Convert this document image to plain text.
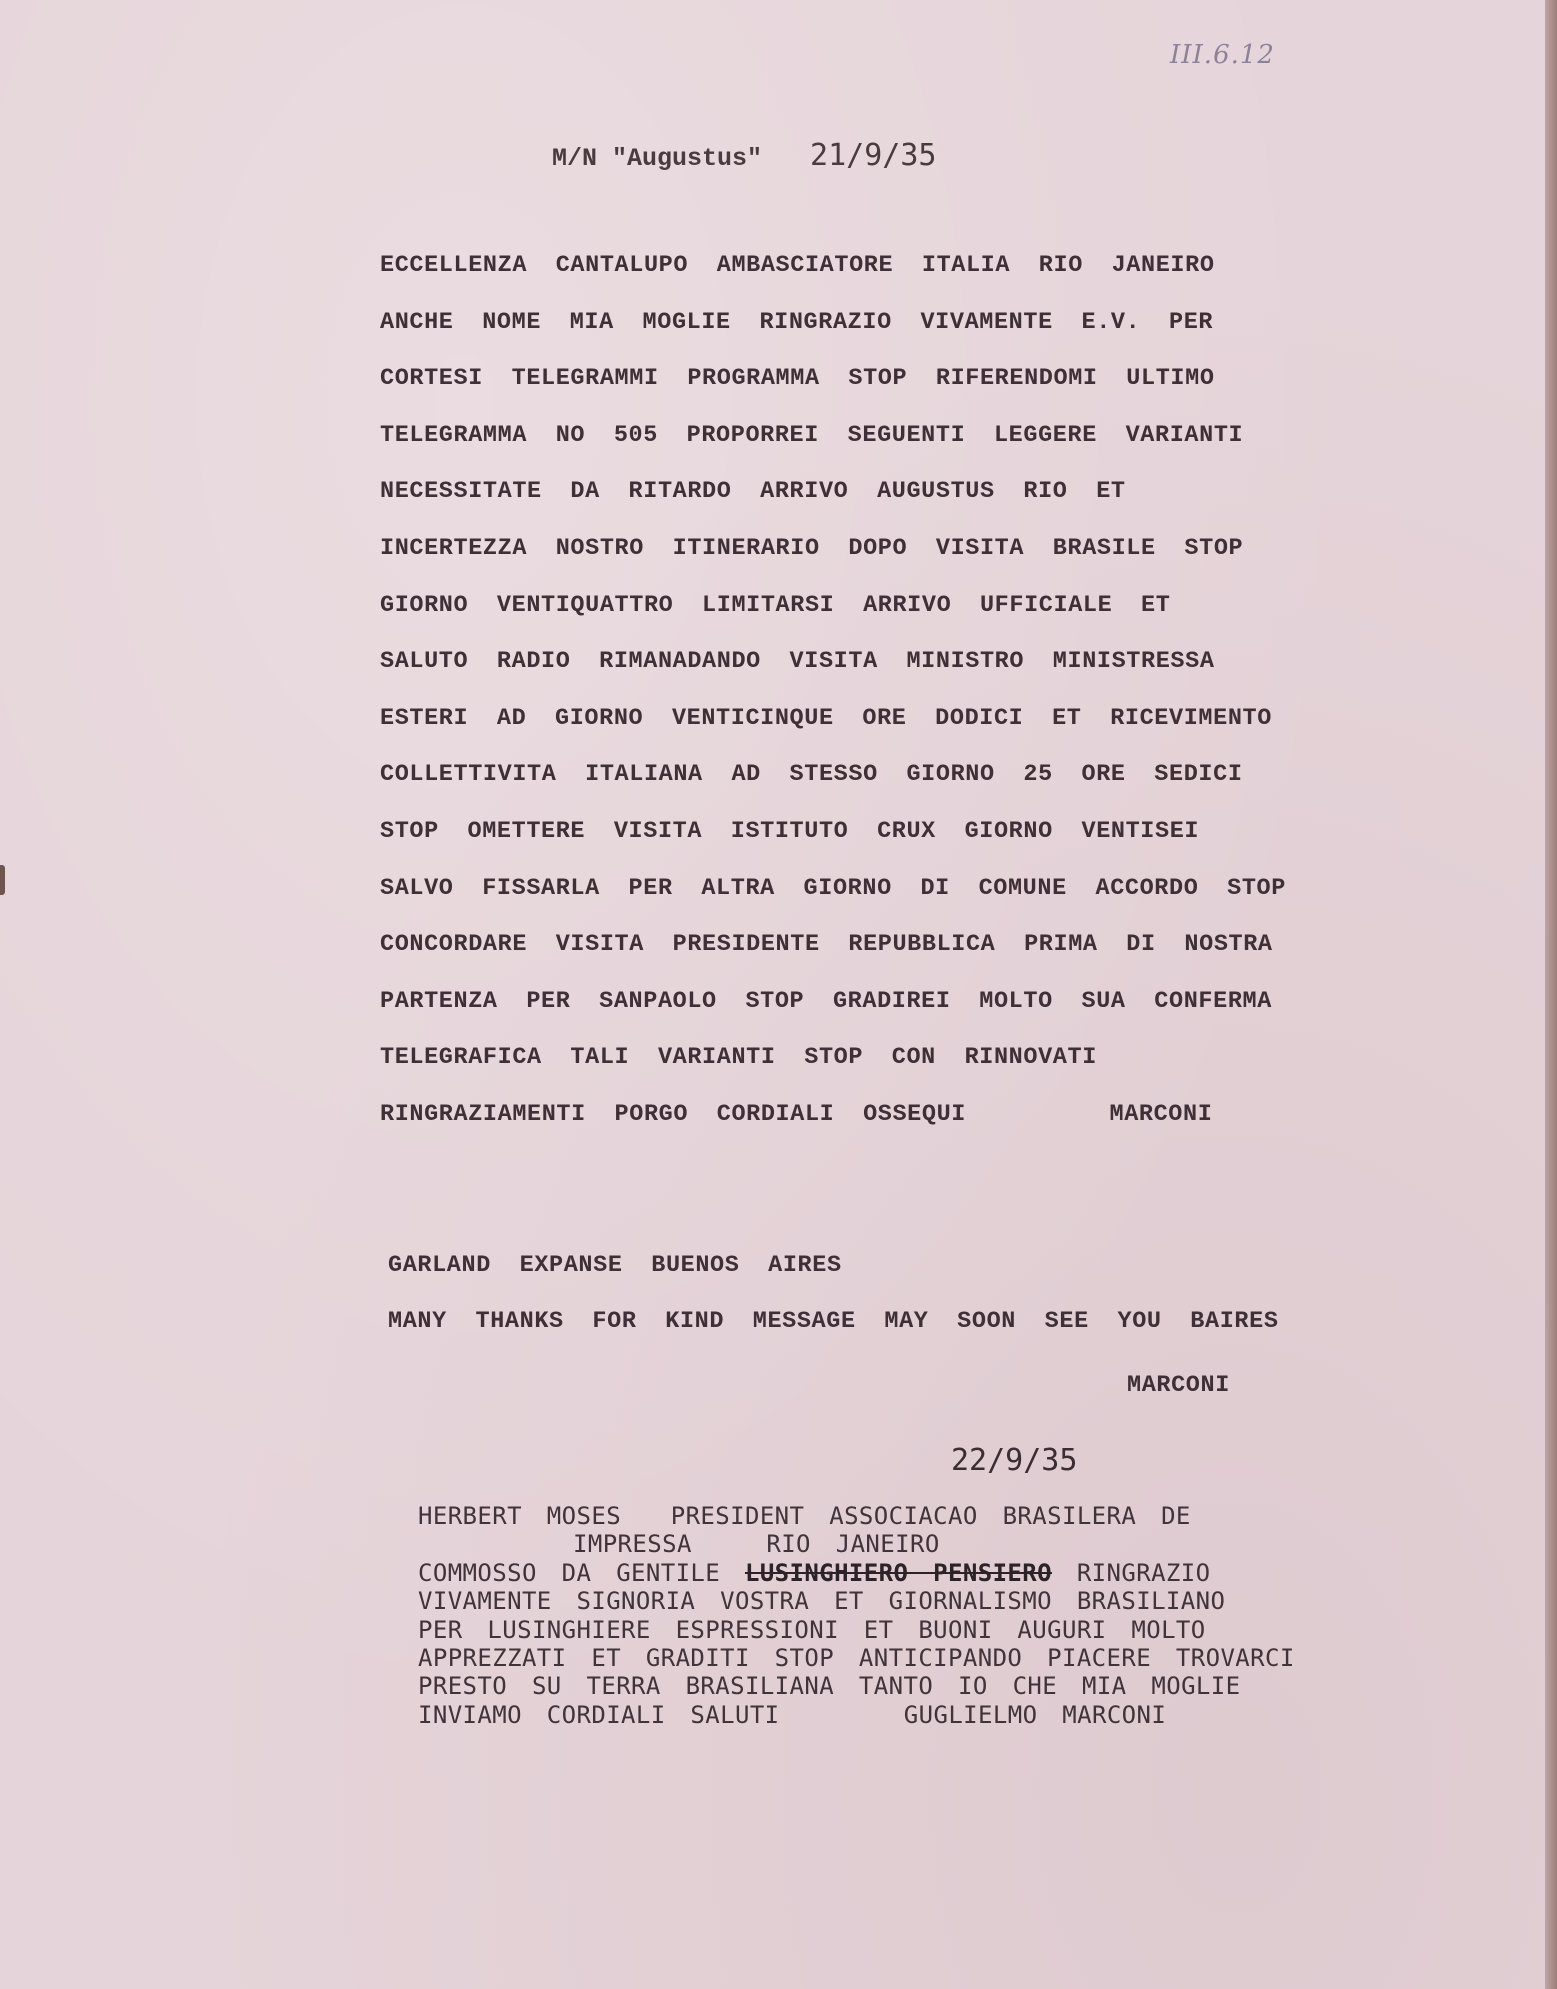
III.6.12
M/N "Augustus" 21/9/35
ECCELLENZA CANTALUPO AMBASCIATORE ITALIA RIO JANEIRO
ANCHE NOME MIA MOGLIE RINGRAZIO VIVAMENTE E.V. PER
CORTESI TELEGRAMMI PROGRAMMA STOP RIFERENDOMI ULTIMO
TELEGRAMMA NO 505 PROPORREI SEGUENTI LEGGERE VARIANTI
NECESSITATE DA RITARDO ARRIVO AUGUSTUS RIO ET
INCERTEZZA NOSTRO ITINERARIO DOPO VISITA BRASILE STOP
GIORNO VENTIQUATTRO LIMITARSI ARRIVO UFFICIALE ET
SALUTO RADIO RIMANADANDO VISITA MINISTRO MINISTRESSA
ESTERI AD GIORNO VENTICINQUE ORE DODICI ET RICEVIMENTO
COLLETTIVITA ITALIANA AD STESSO GIORNO 25 ORE SEDICI
STOP OMETTERE VISITA ISTITUTO CRUX GIORNO VENTISEI
SALVO FISSARLA PER ALTRA GIORNO DI COMUNE ACCORDO STOP
CONCORDARE VISITA PRESIDENTE REPUBBLICA PRIMA DI NOSTRA
PARTENZA PER SANPAOLO STOP GRADIREI MOLTO SUA CONFERMA
TELEGRAFICA TALI VARIANTI STOP CON RINNOVATI
RINGRAZIAMENTI PORGO CORDIALI OSSEQUI     MARCONI
GARLAND EXPANSE BUENOS AIRES
MANY THANKS FOR KIND MESSAGE MAY SOON SEE YOU BAIRES
MARCONI
22/9/35
HERBERT MOSES  PRESIDENT ASSOCIACAO BRASILERA DE
IMPRESSA   RIO JANEIRO
COMMOSSO DA GENTILE LUSINGHIERO PENSIERO RINGRAZIO
VIVAMENTE SIGNORIA VOSTRA ET GIORNALISMO BRASILIANO
PER LUSINGHIERE ESPRESSIONI ET BUONI AUGURI MOLTO
APPREZZATI ET GRADITI STOP ANTICIPANDO PIACERE TROVARCI
PRESTO SU TERRA BRASILIANA TANTO IO CHE MIA MOGLIE
INVIAMO CORDIALI SALUTI     GUGLIELMO MARCONI
